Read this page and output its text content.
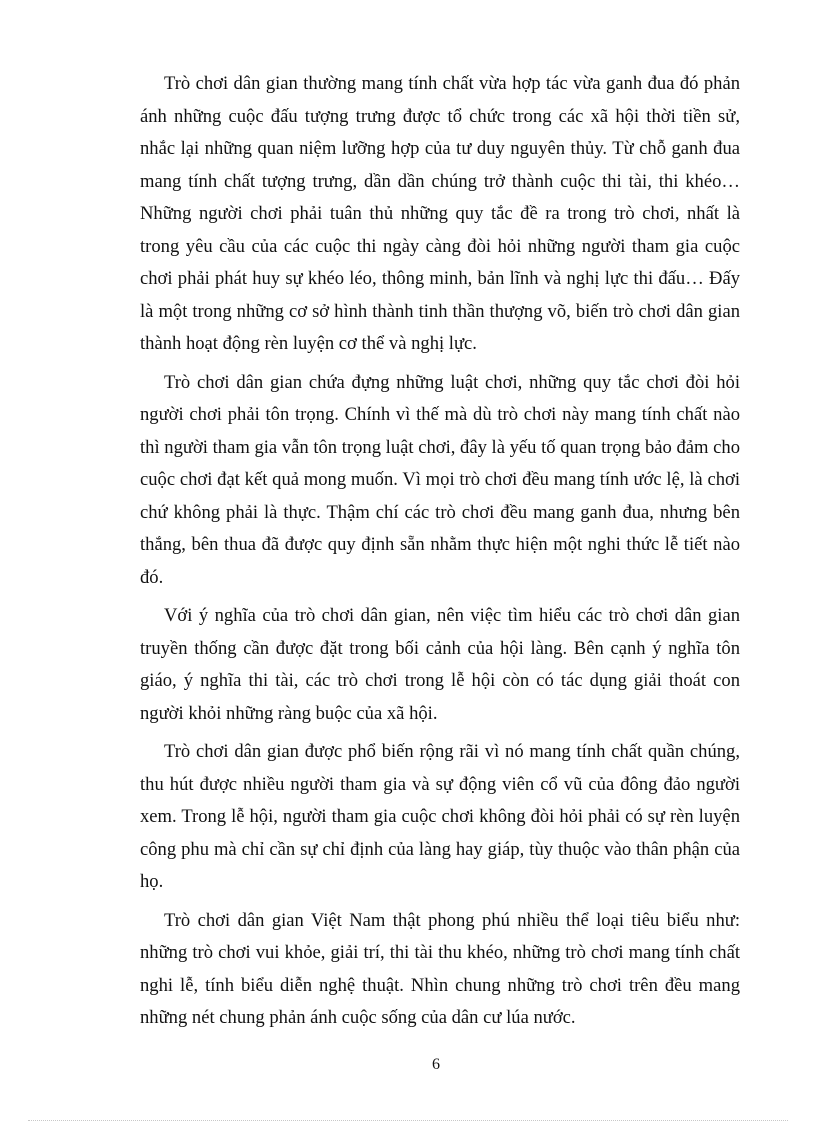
Trò chơi dân gian thường mang tính chất vừa hợp tác vừa ganh đua đó phản ánh những cuộc đấu tượng trưng được tổ chức trong các xã hội thời tiền sử, nhắc lại những quan niệm lưỡng hợp của tư duy nguyên thủy. Từ chỗ ganh đua mang tính chất tượng trưng, dần dần chúng trở thành cuộc thi tài, thi khéo… Những người chơi phải tuân thủ những quy tắc đề ra trong trò chơi, nhất là trong yêu cầu của các cuộc thi ngày càng đòi hỏi những người tham gia cuộc chơi phải phát huy sự khéo léo, thông minh, bản lĩnh và nghị lực thi đấu… Đấy là một trong những cơ sở hình thành tinh thần thượng võ, biến trò chơi dân gian thành hoạt động rèn luyện cơ thể và nghị lực.

Trò chơi dân gian chứa đựng những luật chơi, những quy tắc chơi đòi hỏi người chơi phải tôn trọng. Chính vì thế mà dù trò chơi này mang tính chất nào thì người tham gia vẫn tôn trọng luật chơi, đây là yếu tố quan trọng bảo đảm cho cuộc chơi đạt kết quả mong muốn. Vì mọi trò chơi đều mang tính ước lệ, là chơi chứ không phải là thực. Thậm chí các trò chơi đều mang ganh đua, nhưng bên thắng, bên thua đã được quy định sẵn nhằm thực hiện một nghi thức lễ tiết nào đó.

Với ý nghĩa của trò chơi dân gian, nên việc tìm hiểu các trò chơi dân gian truyền thống cần được đặt trong bối cảnh của hội làng. Bên cạnh ý nghĩa tôn giáo, ý nghĩa thi tài, các trò chơi trong lễ hội còn có tác dụng giải thoát con người khỏi những ràng buộc của xã hội.

Trò chơi dân gian được phổ biến rộng rãi vì nó mang tính chất quần chúng, thu hút được nhiều người tham gia và sự động viên cổ vũ của đông đảo người xem. Trong lễ hội, người tham gia cuộc chơi không đòi hỏi phải có sự rèn luyện công phu mà chỉ cần sự chỉ định của làng hay giáp, tùy thuộc vào thân phận của họ.

Trò chơi dân gian Việt Nam thật phong phú nhiều thể loại tiêu biểu như: những trò chơi vui khỏe, giải trí, thi tài thu khéo, những trò chơi mang tính chất nghi lễ, tính biểu diễn nghệ thuật. Nhìn chung những trò chơi trên đều mang những nét chung phản ánh cuộc sống của dân cư lúa nước.

6
